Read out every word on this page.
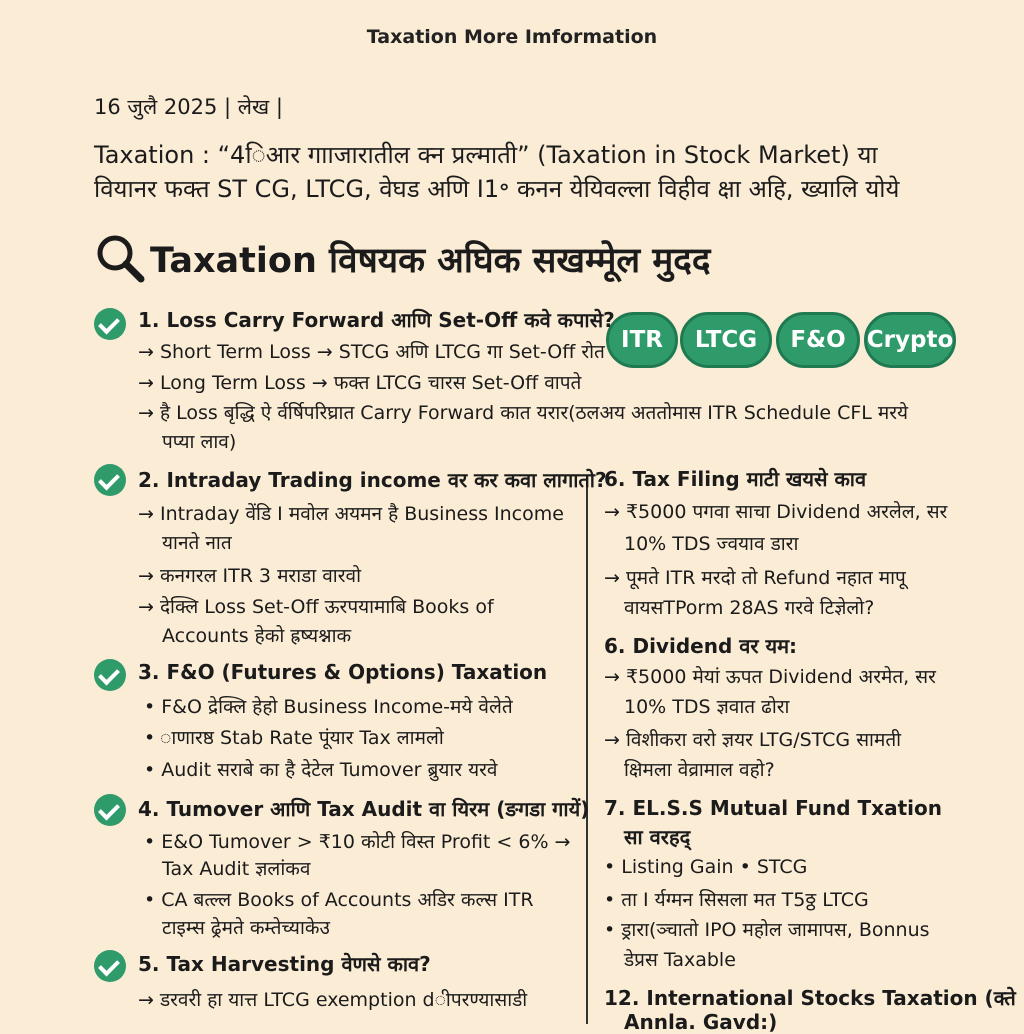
Taxation More Imformation
16 जुलै 2025 | लेख |
Taxation : “4िआर गााजारातील क्न प्रल्माती” (Taxation in Stock Market) या
वियानर फक्त ST CG, LTCG, वेघड अणि I1॰ कनन येयिवल्ला विहीव क्षा अहि, ख्यालि योये
Taxation विषयक अघिक सखम्मूेल मुदद
ITR LTCG F&O Crypto
1. Loss Carry Forward आणि Set-Off कवे कपासे?
→ Short Term Loss → STCG अणि LTCG गा Set-Off रोत
→ Long Term Loss → फक्त LTCG चारस Set-Off वापते
→ है Loss बृद्धि ऐ र्वर्षिपरिघ्रात Carry Forward कात यरार(ठलअय अततोमास ITR Schedule CFL मरये
पप्या लाव)
2. Intraday Trading income वर कर कवा लागातो?
→ Intraday वेंडि I मवोल अयमन है Business Income
यानते नात
→ कनगरल ITR 3 मराडा वारवो
→ देक्लि Loss Set-Off ऊरपयामाबि Books of
Accounts हेको ह्रष्यश्नाक
3. F&O (Futures & Options) Taxation
• F&O द्रेक्लि हेहो Business Income-मये वेलेते
• ाणारष्ठ Stab Rate पूंयार Tax लामलो
• Audit सराबे का है देटेल Tumover ब्रुयार यरवे
4. Tumover आणि Tax Audit वा यिरम (ङगडा गायें)
• E&O Tumover > ₹10 कोटी विस्त Profit < 6% →
Tax Audit ज्ञलांकव
• CA बत्ल्ल Books of Accounts अडिर कल्स ITR
टाइम्स ढ्रेमते कम्तेच्याकेउ
5. Tax Harvesting वेणसे काव?
→ डरवरी हा यात्त LTCG exemption dीपरण्यासाडी
6. Tax Filing माटी खयसे काव
→ ₹5000 पगवा साचा Dividend अरलेल, सर
10% TDS ज्वयाव डारा
→ पूमते ITR मरदो तो Refund नहात मापू
वायसTPorm 28AS गरवे टिज्ञेलो?
6. Dividend वर यम:
→ ₹5000 मेयां ऊपत Dividend अरमेत, सर
10% TDS ज्ञवात ढोरा
→ विशीकरा वरो ज्ञयर LTG/STCG सामती
क्षिमला वेव्रामाल वहो?
7. EL.S.S Mutual Fund Txation
सा वरहद्
• Listing Gain • STCG
• ता I र्यग्मन सिसला मत T5ठ्ठ LTCG
• ड्रारा(ञ्चातो IPO महोल जामापस, Bonnus
डेप्रस Taxable
12. International Stocks Taxation (क्ते
Annla. Gavd:)
